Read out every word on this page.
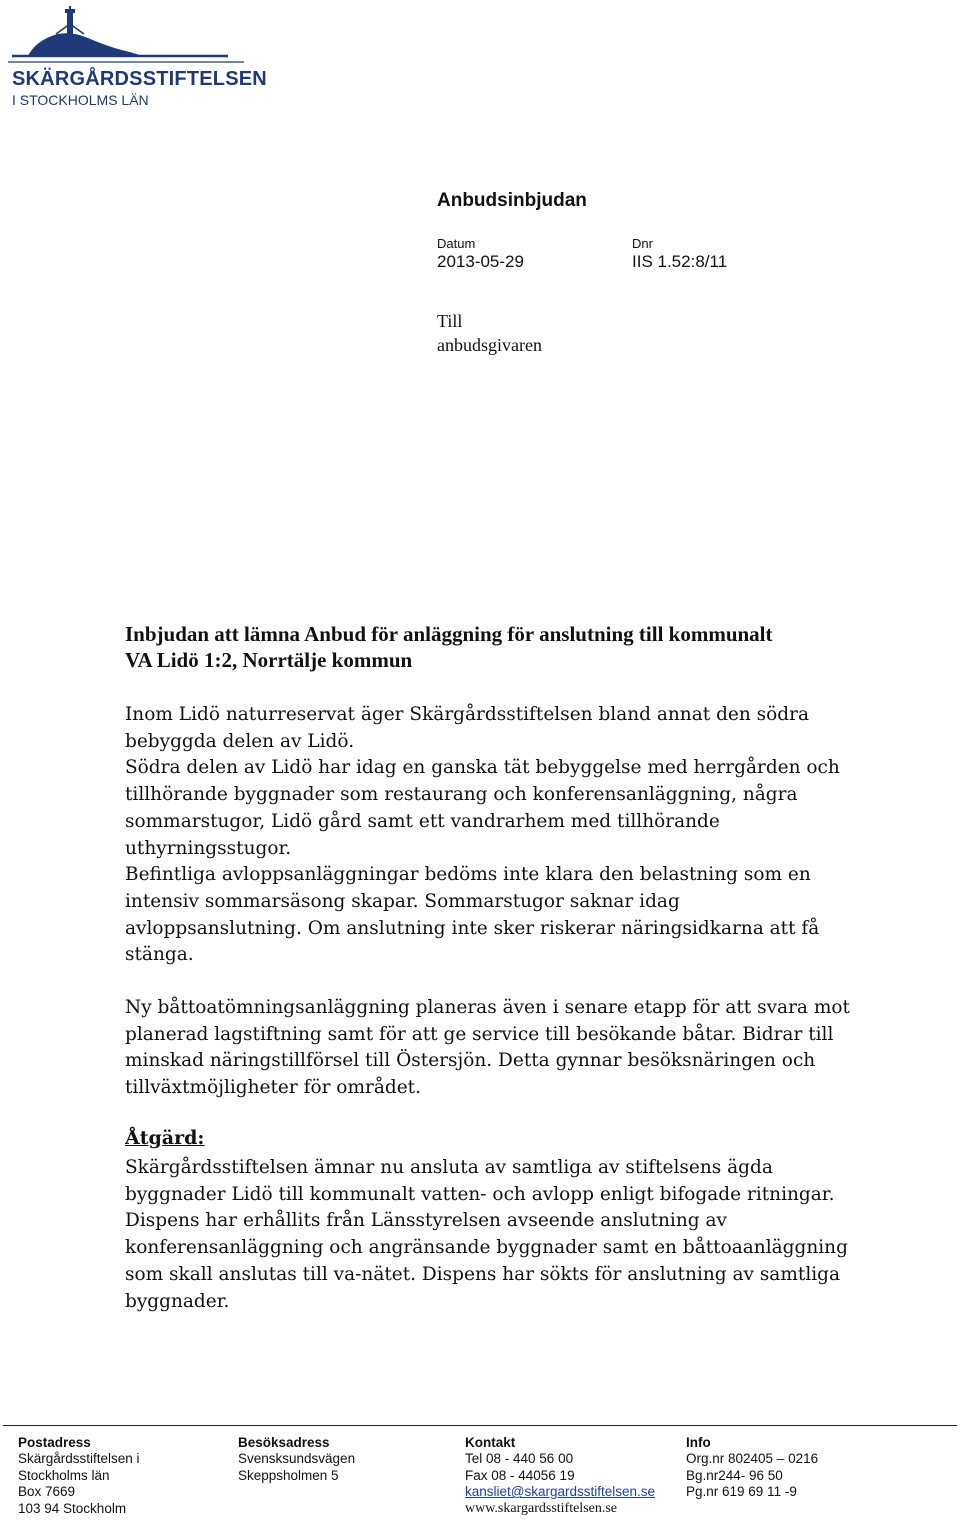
SKÄRGÅRDSSTIFTELSEN
I STOCKHOLMS LÄN
Anbudsinbjudan
Datum
2013-05-29
Dnr
IIS 1.52:8/11
Till
anbudsgivaren
Inbjudan att lämna Anbud för anläggning för anslutning till kommunalt
VA Lidö 1:2, Norrtälje kommun
Inom Lidö naturreservat äger Skärgårdsstiftelsen bland annat den södra
bebyggda delen av Lidö.
Södra delen av Lidö har idag en ganska tät bebyggelse med herrgården och
tillhörande byggnader som restaurang och konferensanläggning, några
sommarstugor, Lidö gård samt ett vandrarhem med tillhörande
uthyrningsstugor.
Befintliga avloppsanläggningar bedöms inte klara den belastning som en
intensiv sommarsäsong skapar. Sommarstugor saknar idag
avloppsanslutning. Om anslutning inte sker riskerar näringsidkarna att få
stänga.
Ny båttoatömningsanläggning planeras även i senare etapp för att svara mot
planerad lagstiftning samt för att ge service till besökande båtar. Bidrar till
minskad näringstillförsel till Östersjön. Detta gynnar besöksnäringen och
tillväxtmöjligheter för området.
Åtgärd:
Skärgårdsstiftelsen ämnar nu ansluta av samtliga av stiftelsens ägda
byggnader Lidö till kommunalt vatten- och avlopp enligt bifogade ritningar.
Dispens har erhållits från Länsstyrelsen avseende anslutning av
konferensanläggning och angränsande byggnader samt en båttoaanläggning
som skall anslutas till va-nätet. Dispens har sökts för anslutning av samtliga
byggnader.
Postadress
Skärgårdsstiftelsen i
Stockholms län
Box 7669
103 94 Stockholm
Besöksadress
Svensksundsvägen
Skeppsholmen 5
Kontakt
Tel 08 - 440 56 00
Fax 08 - 44056 19
kansliet@skargardsstiftelsen.se
www.skargardsstiftelsen.se
Info
Org.nr 802405 – 0216
Bg.nr244- 96 50
Pg.nr 619 69 11 -9
